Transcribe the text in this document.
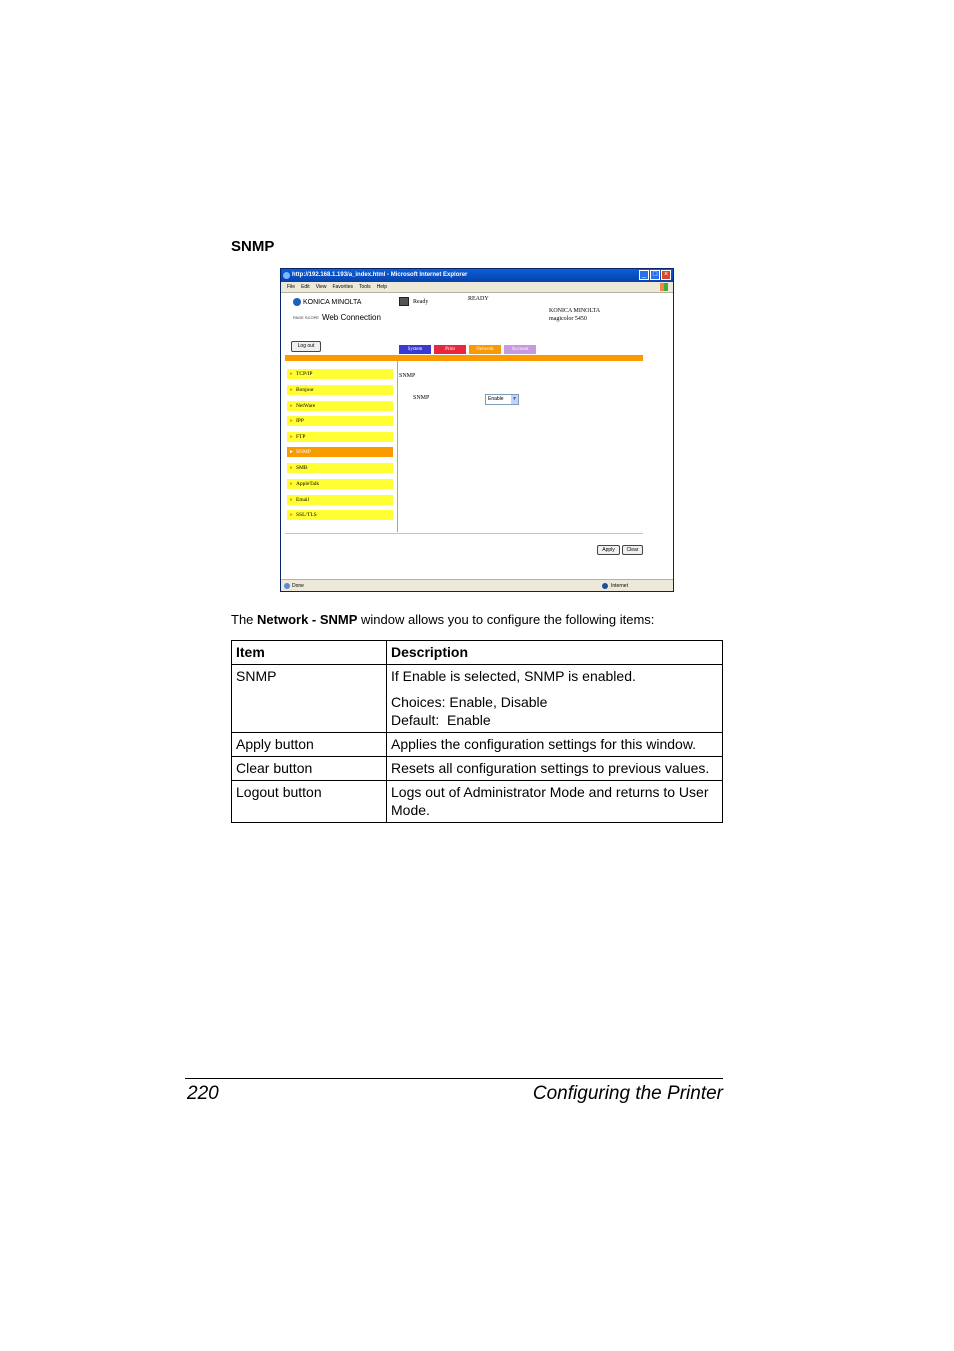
SNMP
http://192.168.1.193/a_index.html - Microsoft Internet Explorer	_ □ ×
File Edit View Favorites Tools Help
KONICA MINOLTA
PAGE SCOPE Web Connection
Ready	READY
KONICA MINOLTA
magicolor 5450
Log out
System	Print	Network	Account
► TCP/IP
► Bonjour
► NetWare
► IPP
► FTP
► SNMP
► SMB
► AppleTalk
► Email
► SSL/TLS
SNMP
SNMP	Enable ▼
Apply	Clear
Done	Internet
The Network - SNMP window allows you to configure the following items:
Item	Description
SNMP	If Enable is selected, SNMP is enabled.
Choices: Enable, Disable
Default:  Enable

Apply button	Applies the configuration settings for this window.
Clear button	Resets all configuration settings to previous values.
Logout button	Logs out of Administrator Mode and returns to User Mode.
220	Configuring the Printer
